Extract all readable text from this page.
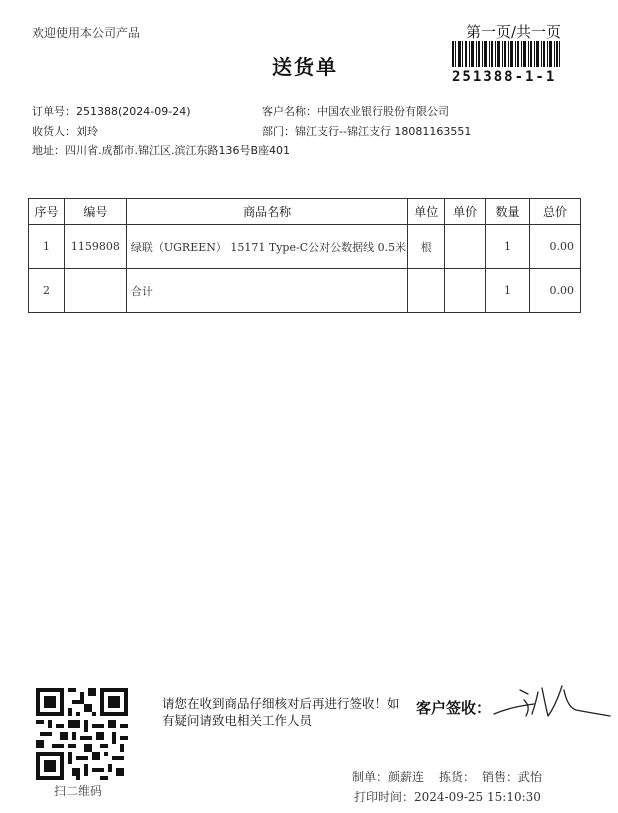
欢迎使用本公司产品	第一页/共一页
送货单	251388-1-1
订单号：251388(2024-09-24)	客户名称：中国农业银行股份有限公司
收货人：刘玲	部门：锦江支行--锦江支行 18081163551
地址：四川省.成都市.锦江区.滨江东路136号B座401
序号	编号	商品名称	单位	单价	数量	总价
1	1159808	绿联（UGREEN） 15171 Type-C公对公数据线 0.5米	根		1	0.00
2		合计			1	0.00
扫二维码
请您在收到商品仔细核对后再进行签收！如有疑问请致电相关工作人员
客户签收：
制单：颜薪连 拣货： 销售：武怡
打印时间：2024-09-25 15:10:30
